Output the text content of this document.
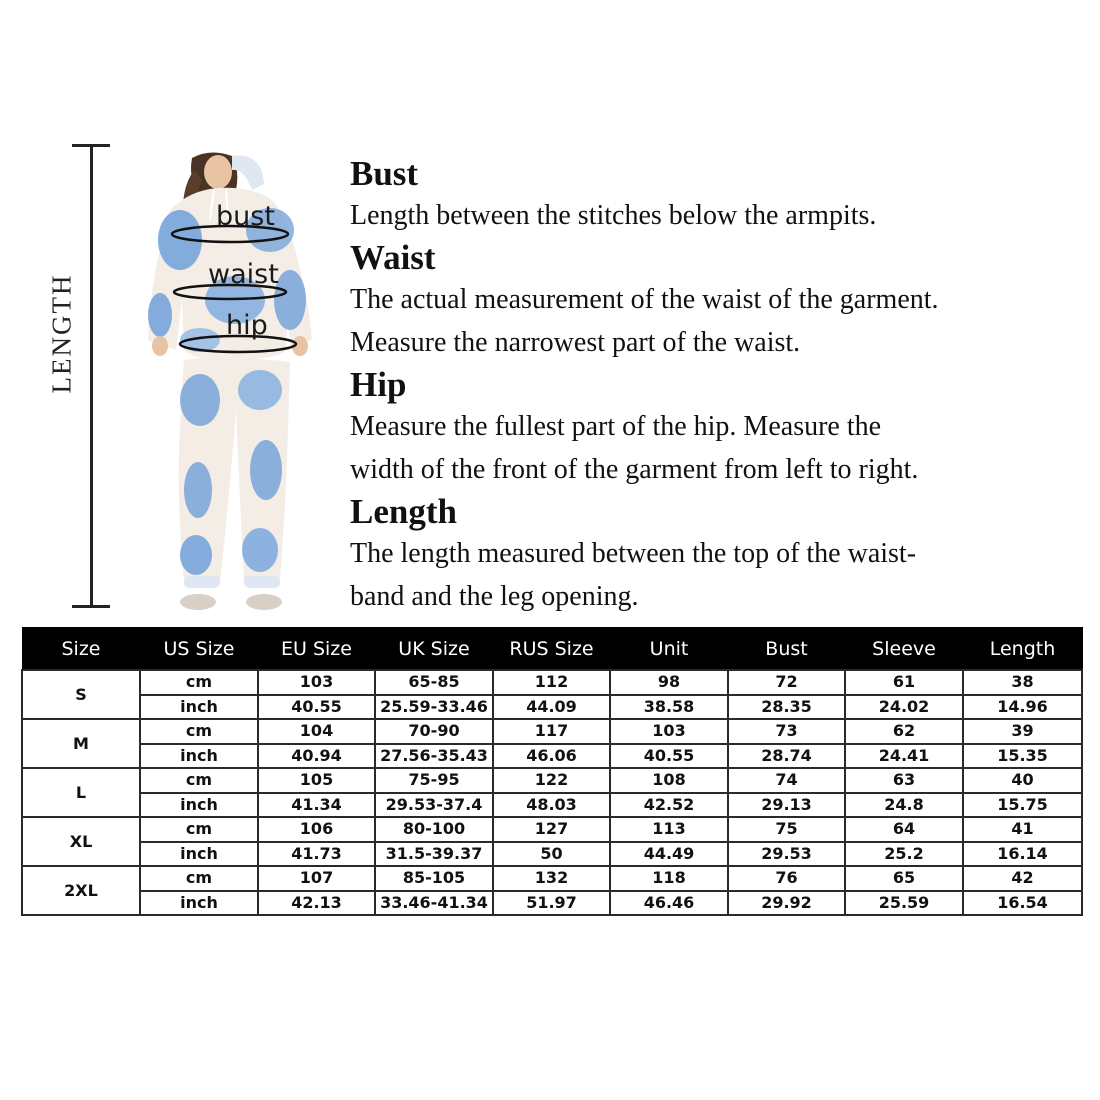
LENGTH
bust
waist
hip

Bust

Length between the stitches below the armpits.

Waist

The actual measurement of the waist of the garment.

Measure the narrowest part of the waist.

Hip

Measure the fullest part of the hip. Measure the

width of the front of the garment from left to right.

Length

The length measured between the top of the waist-

band and the leg opening.

Size	US Size	EU Size	UK Size	RUS Size	Unit	Bust	Sleeve	Length
S	cm	103	65-85	112	98	72	61	38
	inch	40.55	25.59-33.46	44.09	38.58	28.35	24.02	14.96
M	cm	104	70-90	117	103	73	62	39
	inch	40.94	27.56-35.43	46.06	40.55	28.74	24.41	15.35
L	cm	105	75-95	122	108	74	63	40
	inch	41.34	29.53-37.4	48.03	42.52	29.13	24.8	15.75
XL	cm	106	80-100	127	113	75	64	41
	inch	41.73	31.5-39.37	50	44.49	29.53	25.2	16.14
2XL	cm	107	85-105	132	118	76	65	42
	inch	42.13	33.46-41.34	51.97	46.46	29.92	25.59	16.54
